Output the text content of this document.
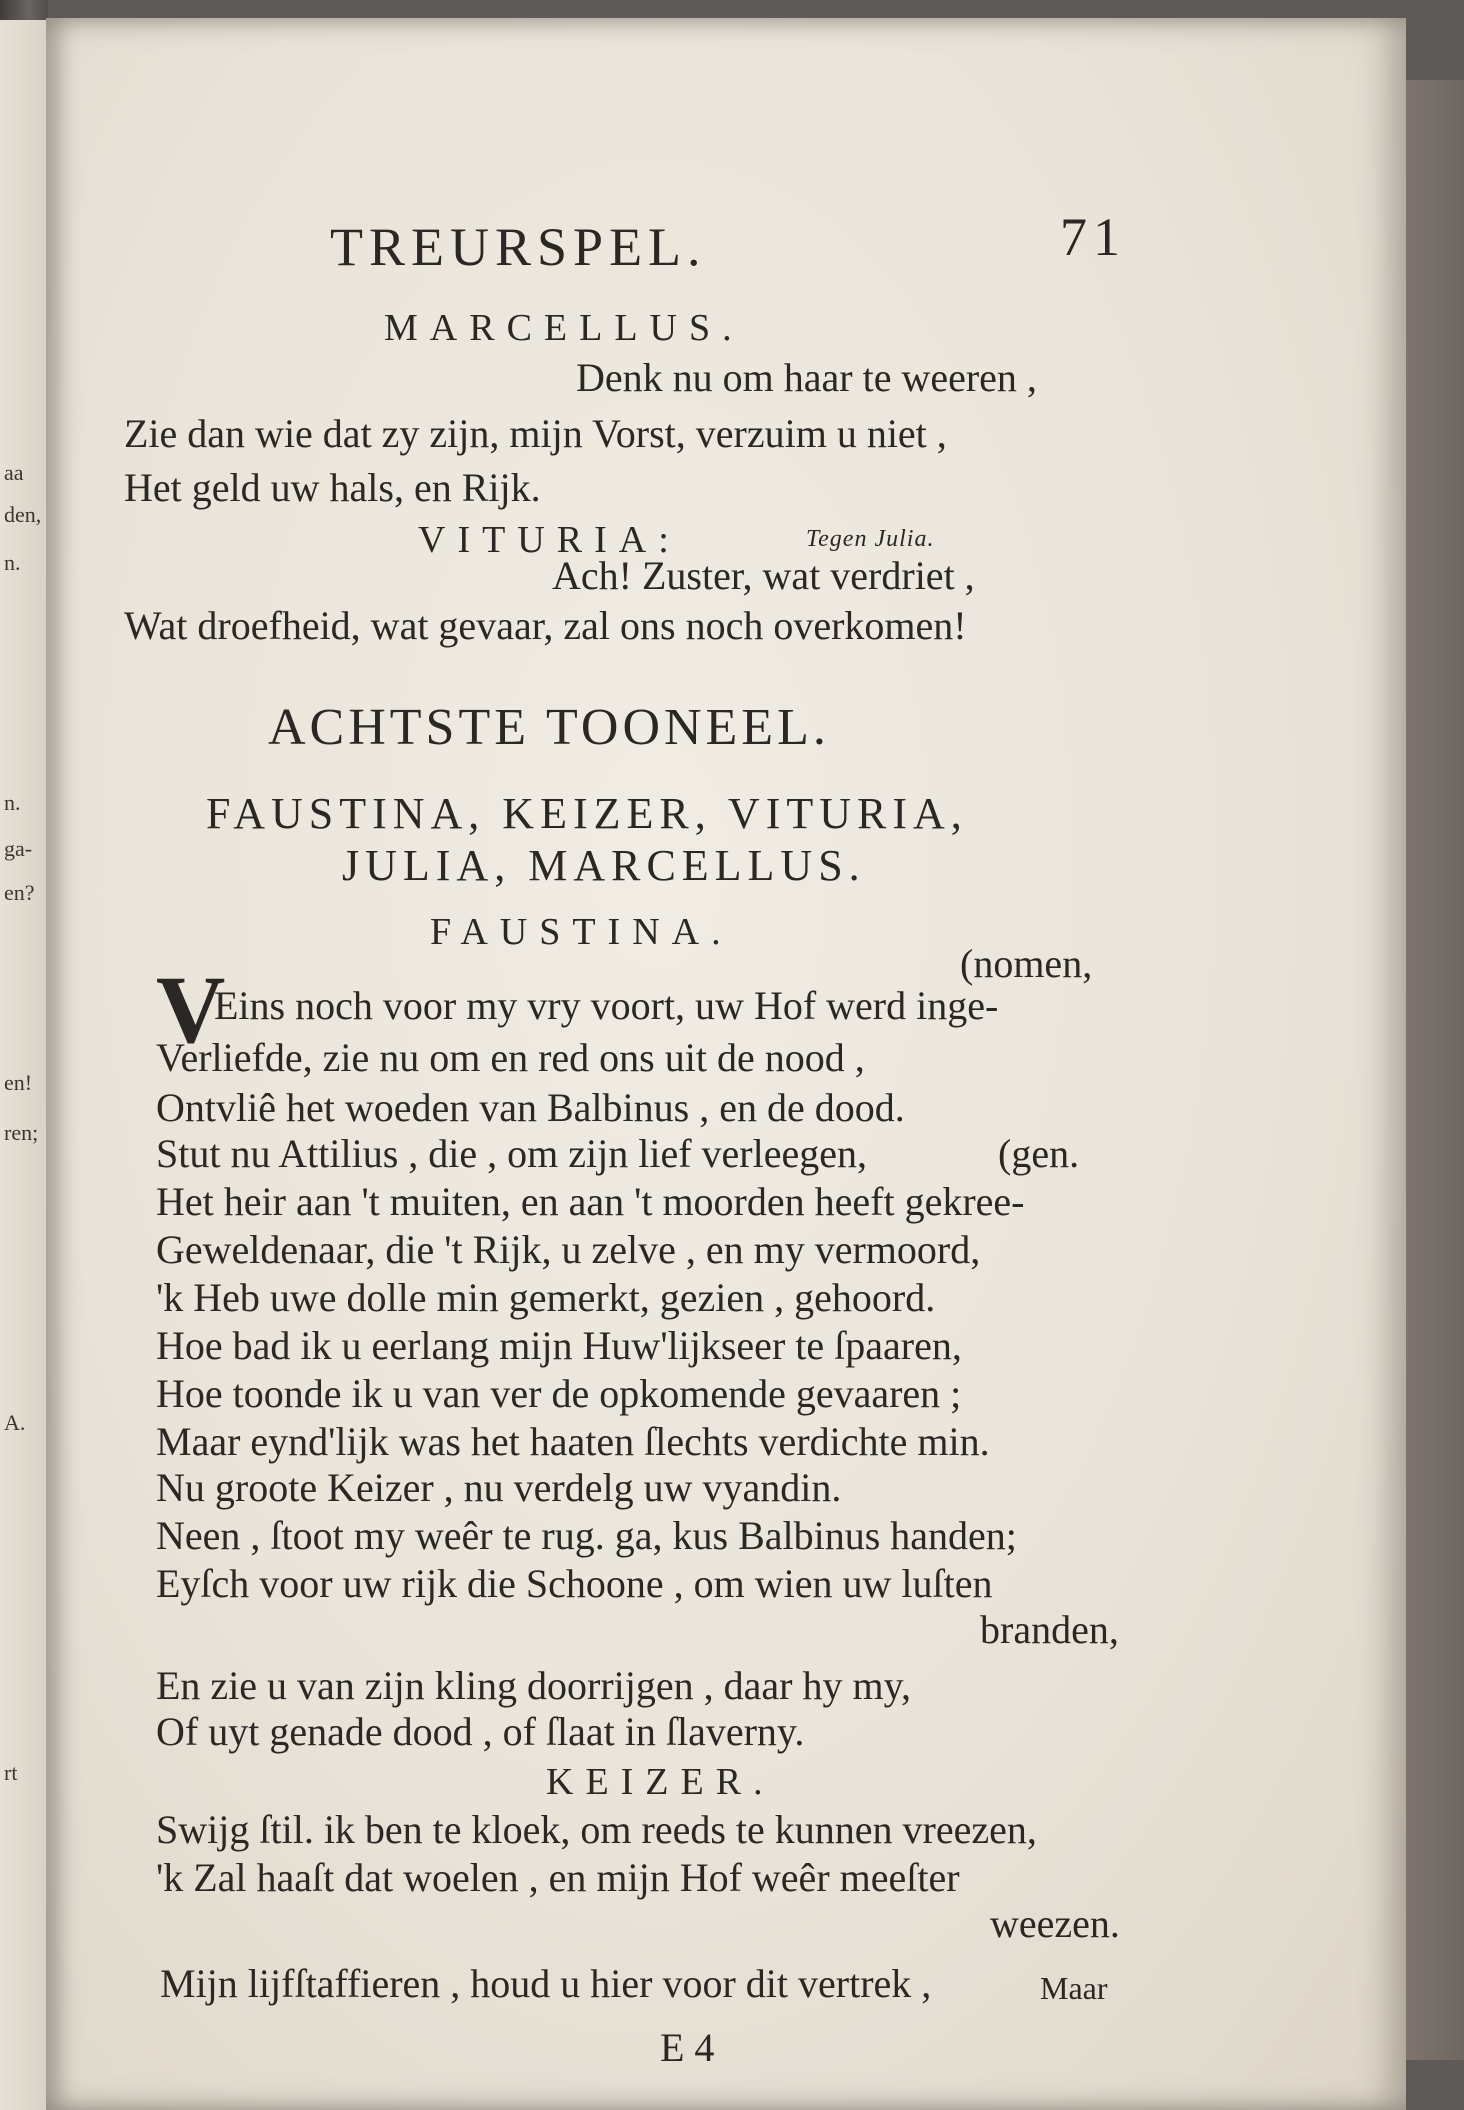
aa
den,
n.
n.
ga-
en?
en!
ren;
A.
rt
TREURSPEL.	71
MARCELLUS.
Denk nu om haar te weeren ,
Zie dan wie dat zy zijn, mijn Vorst, verzuim u niet ,
Het geld uw hals, en Rijk.
VITURIA:	Tegen Julia.
Ach! Zuster, wat verdriet ,
Wat droefheid, wat gevaar, zal ons noch overkomen!
ACHTSTE TOONEEL.
FAUSTINA, KEIZER, VITURIA,
JULIA, MARCELLUS.
FAUSTINA.
(nomen,
V
Eins noch voor my vry voort, uw Hof werd inge-
Verliefde, zie nu om en red ons uit de nood ,
Ontvliê het woeden van Balbinus , en de dood.
Stut nu Attilius , die , om zijn lief verleegen,	(gen.
Het heir aan 't muiten, en aan 't moorden heeft gekree-
Geweldenaar, die 't Rijk, u zelve , en my vermoord,
'k Heb uwe dolle min gemerkt, gezien , gehoord.
Hoe bad ik u eerlang mijn Huw'lijkseer te ſpaaren,
Hoe toonde ik u van ver de opkomende gevaaren ;
Maar eynd'lijk was het haaten ſlechts verdichte min.
Nu groote Keizer , nu verdelg uw vyandin.
Neen , ſtoot my weêr te rug. ga, kus Balbinus handen;
Eyſch voor uw rijk die Schoone , om wien uw luſten
branden,
En zie u van zijn kling doorrijgen , daar hy my,
Of uyt genade dood , of ſlaat in ſlaverny.
KEIZER.
Swijg ſtil. ik ben te kloek, om reeds te kunnen vreezen,
'k Zal haaſt dat woelen , en mijn Hof weêr meeſter
weezen.
Mijn lijfſtaffieren , houd u hier voor dit vertrek ,	Maar
E 4
